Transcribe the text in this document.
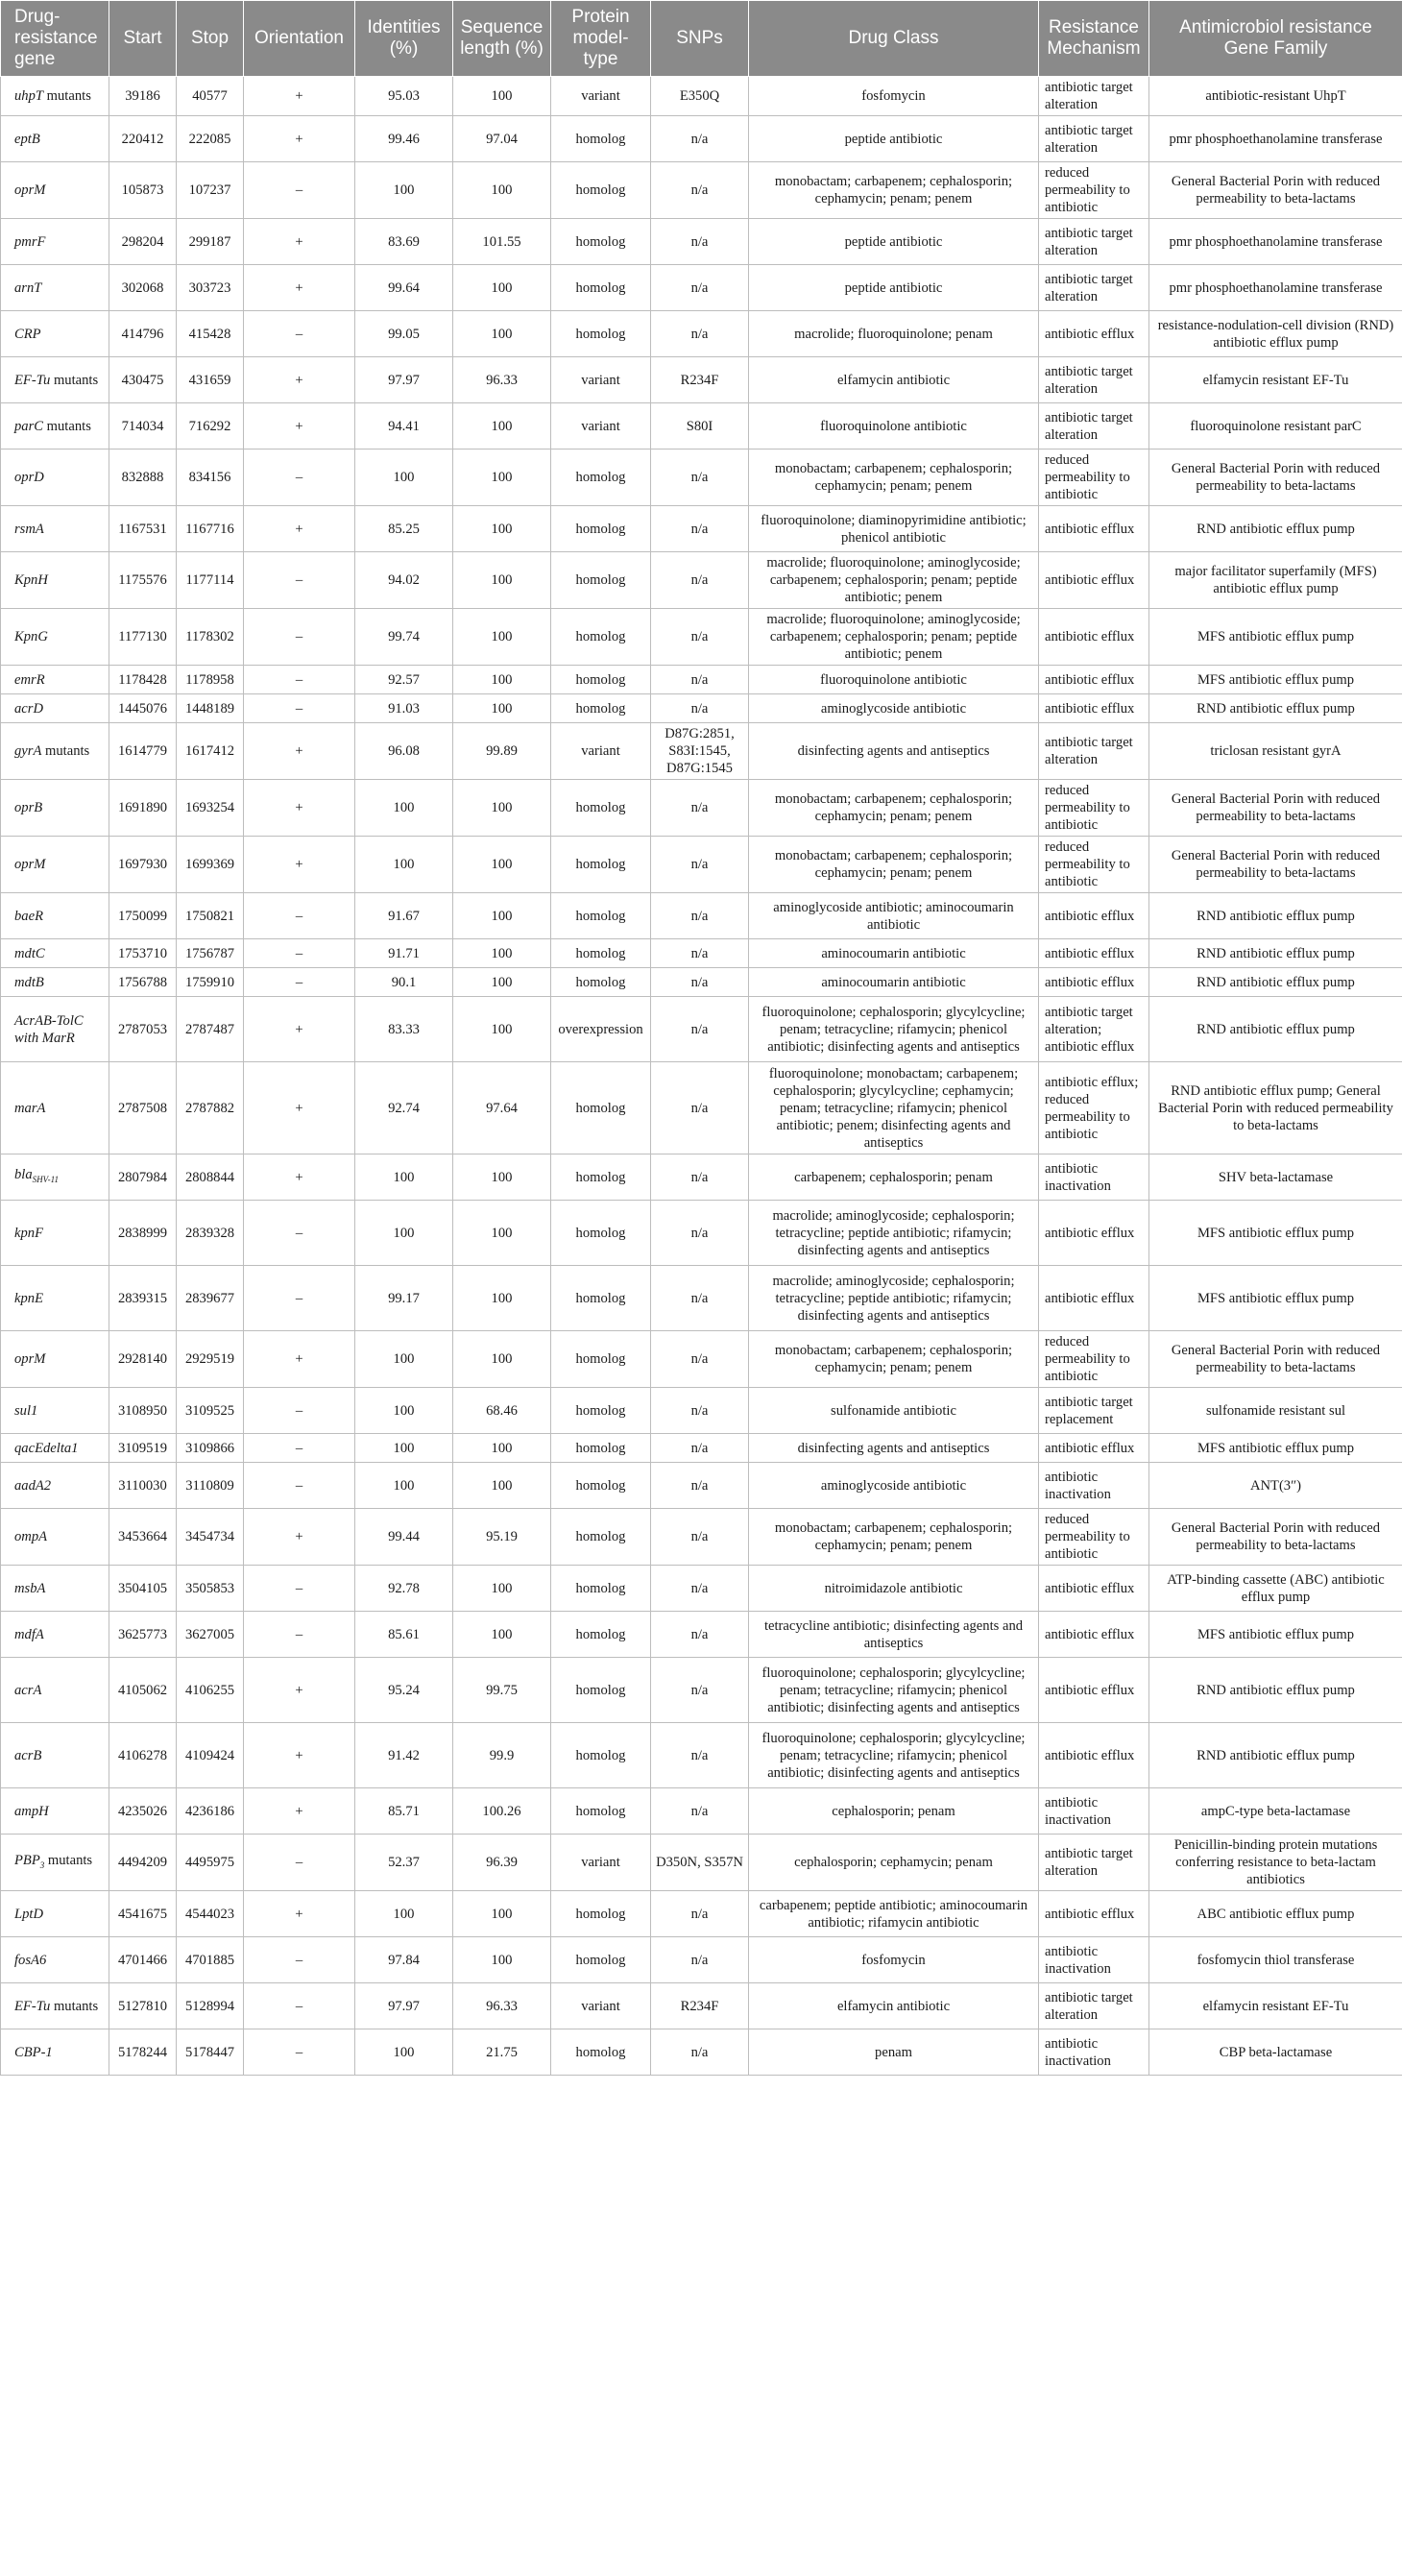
Drug-resistance gene	Start	Stop	Orientation	Identities (%)	Sequence length (%)	Protein model-type	SNPs	Drug Class	Resistance Mechanism	Antimicrobiol resistance Gene Family
uhpT mutants	39186	40577	+	95.03	100	variant	E350Q	fosfomycin	antibiotic target alteration	antibiotic-resistant UhpT
eptB	220412	222085	+	99.46	97.04	homolog	n/a	peptide antibiotic	antibiotic target alteration	pmr phosphoethanolamine transferase
oprM	105873	107237	–	100	100	homolog	n/a	monobactam; carbapenem; cephalosporin; cephamycin; penam; penem	reduced permeability to antibiotic	General Bacterial Porin with reduced permeability to beta-lactams
pmrF	298204	299187	+	83.69	101.55	homolog	n/a	peptide antibiotic	antibiotic target alteration	pmr phosphoethanolamine transferase
arnT	302068	303723	+	99.64	100	homolog	n/a	peptide antibiotic	antibiotic target alteration	pmr phosphoethanolamine transferase
CRP	414796	415428	–	99.05	100	homolog	n/a	macrolide; fluoroquinolone; penam	antibiotic efflux	resistance-nodulation-cell division (RND) antibiotic efflux pump
EF-Tu mutants	430475	431659	+	97.97	96.33	variant	R234F	elfamycin antibiotic	antibiotic target alteration	elfamycin resistant EF-Tu
parC mutants	714034	716292	+	94.41	100	variant	S80I	fluoroquinolone antibiotic	antibiotic target alteration	fluoroquinolone resistant parC
oprD	832888	834156	–	100	100	homolog	n/a	monobactam; carbapenem; cephalosporin; cephamycin; penam; penem	reduced permeability to antibiotic	General Bacterial Porin with reduced permeability to beta-lactams
rsmA	1167531	1167716	+	85.25	100	homolog	n/a	fluoroquinolone; diaminopyrimidine antibiotic; phenicol antibiotic	antibiotic efflux	RND antibiotic efflux pump
KpnH	1175576	1177114	–	94.02	100	homolog	n/a	macrolide; fluoroquinolone; aminoglycoside; carbapenem; cephalosporin; penam; peptide antibiotic; penem	antibiotic efflux	major facilitator superfamily (MFS) antibiotic efflux pump
KpnG	1177130	1178302	–	99.74	100	homolog	n/a	macrolide; fluoroquinolone; aminoglycoside; carbapenem; cephalosporin; penam; peptide antibiotic; penem	antibiotic efflux	MFS antibiotic efflux pump
emrR	1178428	1178958	–	92.57	100	homolog	n/a	fluoroquinolone antibiotic	antibiotic efflux	MFS antibiotic efflux pump
acrD	1445076	1448189	–	91.03	100	homolog	n/a	aminoglycoside antibiotic	antibiotic efflux	RND antibiotic efflux pump
gyrA mutants	1614779	1617412	+	96.08	99.89	variant	D87G:2851, S83I:1545, D87G:1545	disinfecting agents and antiseptics	antibiotic target alteration	triclosan resistant gyrA
oprB	1691890	1693254	+	100	100	homolog	n/a	monobactam; carbapenem; cephalosporin; cephamycin; penam; penem	reduced permeability to antibiotic	General Bacterial Porin with reduced permeability to beta-lactams
oprM	1697930	1699369	+	100	100	homolog	n/a	monobactam; carbapenem; cephalosporin; cephamycin; penam; penem	reduced permeability to antibiotic	General Bacterial Porin with reduced permeability to beta-lactams
baeR	1750099	1750821	–	91.67	100	homolog	n/a	aminoglycoside antibiotic; aminocoumarin antibiotic	antibiotic efflux	RND antibiotic efflux pump
mdtC	1753710	1756787	–	91.71	100	homolog	n/a	aminocoumarin antibiotic	antibiotic efflux	RND antibiotic efflux pump
mdtB	1756788	1759910	–	90.1	100	homolog	n/a	aminocoumarin antibiotic	antibiotic efflux	RND antibiotic efflux pump
AcrAB-TolC with MarR	2787053	2787487	+	83.33	100	overexpression	n/a	fluoroquinolone; cephalosporin; glycylcycline; penam; tetracycline; rifamycin; phenicol antibiotic; disinfecting agents and antiseptics	antibiotic target alteration; antibiotic efflux	RND antibiotic efflux pump
marA	2787508	2787882	+	92.74	97.64	homolog	n/a	fluoroquinolone; monobactam; carbapenem; cephalosporin; glycylcycline; cephamycin; penam; tetracycline; rifamycin; phenicol antibiotic; penem; disinfecting agents and antiseptics	antibiotic efflux; reduced permeability to antibiotic	RND antibiotic efflux pump; General Bacterial Porin with reduced permeability to beta-lactams
bla$_{SHV-11}$	2807984	2808844	+	100	100	homolog	n/a	carbapenem; cephalosporin; penam	antibiotic inactivation	SHV beta-lactamase
kpnF	2838999	2839328	–	100	100	homolog	n/a	macrolide; aminoglycoside; cephalosporin; tetracycline; peptide antibiotic; rifamycin; disinfecting agents and antiseptics	antibiotic efflux	MFS antibiotic efflux pump
kpnE	2839315	2839677	–	99.17	100	homolog	n/a	macrolide; aminoglycoside; cephalosporin; tetracycline; peptide antibiotic; rifamycin; disinfecting agents and antiseptics	antibiotic efflux	MFS antibiotic efflux pump
oprM	2928140	2929519	+	100	100	homolog	n/a	monobactam; carbapenem; cephalosporin; cephamycin; penam; penem	reduced permeability to antibiotic	General Bacterial Porin with reduced permeability to beta-lactams
sul1	3108950	3109525	–	100	68.46	homolog	n/a	sulfonamide antibiotic	antibiotic target replacement	sulfonamide resistant sul
qacEdelta1	3109519	3109866	–	100	100	homolog	n/a	disinfecting agents and antiseptics	antibiotic efflux	MFS antibiotic efflux pump
aadA2	3110030	3110809	–	100	100	homolog	n/a	aminoglycoside antibiotic	antibiotic inactivation	ANT(3″)
ompA	3453664	3454734	+	99.44	95.19	homolog	n/a	monobactam; carbapenem; cephalosporin; cephamycin; penam; penem	reduced permeability to antibiotic	General Bacterial Porin with reduced permeability to beta-lactams
msbA	3504105	3505853	–	92.78	100	homolog	n/a	nitroimidazole antibiotic	antibiotic efflux	ATP-binding cassette (ABC) antibiotic efflux pump
mdfA	3625773	3627005	–	85.61	100	homolog	n/a	tetracycline antibiotic; disinfecting agents and antiseptics	antibiotic efflux	MFS antibiotic efflux pump
acrA	4105062	4106255	+	95.24	99.75	homolog	n/a	fluoroquinolone; cephalosporin; glycylcycline; penam; tetracycline; rifamycin; phenicol antibiotic; disinfecting agents and antiseptics	antibiotic efflux	RND antibiotic efflux pump
acrB	4106278	4109424	+	91.42	99.9	homolog	n/a	fluoroquinolone; cephalosporin; glycylcycline; penam; tetracycline; rifamycin; phenicol antibiotic; disinfecting agents and antiseptics	antibiotic efflux	RND antibiotic efflux pump
ampH	4235026	4236186	+	85.71	100.26	homolog	n/a	cephalosporin; penam	antibiotic inactivation	ampC-type beta-lactamase
$PBP_3$ mutants	4494209	4495975	–	52.37	96.39	variant	D350N, S357N	cephalosporin; cephamycin; penam	antibiotic target alteration	Penicillin-binding protein mutations conferring resistance to beta-lactam antibiotics
LptD	4541675	4544023	+	100	100	homolog	n/a	carbapenem; peptide antibiotic; aminocoumarin antibiotic; rifamycin antibiotic	antibiotic efflux	ABC antibiotic efflux pump
fosA6	4701466	4701885	–	97.84	100	homolog	n/a	fosfomycin	antibiotic inactivation	fosfomycin thiol transferase
EF-Tu mutants	5127810	5128994	–	97.97	96.33	variant	R234F	elfamycin antibiotic	antibiotic target alteration	elfamycin resistant EF-Tu
CBP-1	5178244	5178447	–	100	21.75	homolog	n/a	penam	antibiotic inactivation	CBP beta-lactamase
